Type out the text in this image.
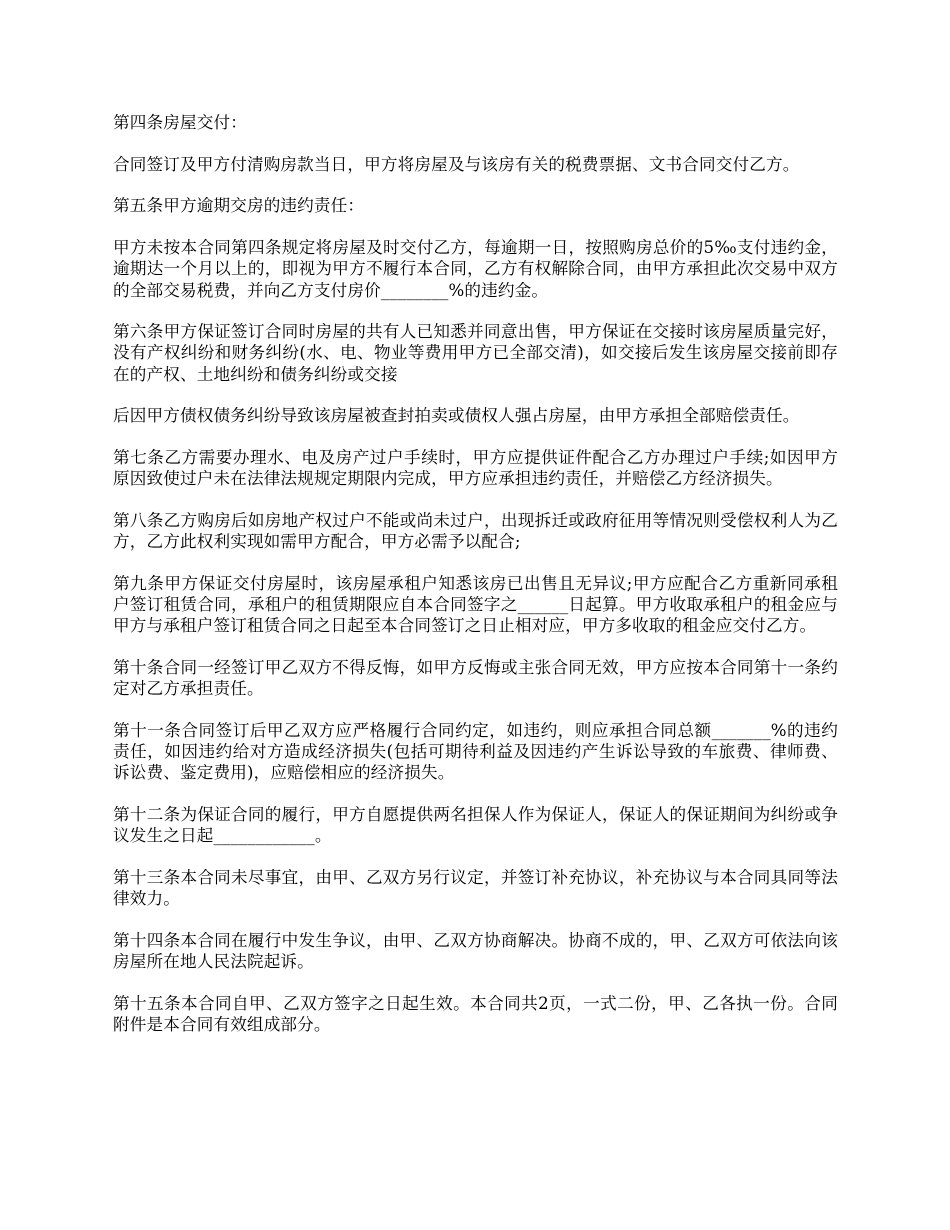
第四条房屋交付：

合同签订及甲方付清购房款当日，甲方将房屋及与该房有关的税费票据、文书合同交付乙方。

第五条甲方逾期交房的违约责任：

甲方未按本合同第四条规定将房屋及时交付乙方，每逾期一日，按照购房总价的5‰支付违约金，逾期达一个月以上的，即视为甲方不履行本合同，乙方有权解除合同，由甲方承担此次交易中双方的全部交易税费，并向乙方支付房价________%的违约金。

第六条甲方保证签订合同时房屋的共有人已知悉并同意出售，甲方保证在交接时该房屋质量完好，没有产权纠纷和财务纠纷(水、电、物业等费用甲方已全部交清)，如交接后发生该房屋交接前即存在的产权、土地纠纷和债务纠纷或交接

后因甲方债权债务纠纷导致该房屋被查封拍卖或债权人强占房屋，由甲方承担全部赔偿责任。

第七条乙方需要办理水、电及房产过户手续时，甲方应提供证件配合乙方办理过户手续;如因甲方原因致使过户未在法律法规规定期限内完成，甲方应承担违约责任，并赔偿乙方经济损失。

第八条乙方购房后如房地产权过户不能或尚未过户，出现拆迁或政府征用等情况则受偿权利人为乙方，乙方此权利实现如需甲方配合，甲方必需予以配合;

第九条甲方保证交付房屋时，该房屋承租户知悉该房已出售且无异议;甲方应配合乙方重新同承租户签订租赁合同，承租户的租赁期限应自本合同签字之______日起算。甲方收取承租户的租金应与甲方与承租户签订租赁合同之日起至本合同签订之日止相对应，甲方多收取的租金应交付乙方。

第十条合同一经签订甲乙双方不得反悔，如甲方反悔或主张合同无效，甲方应按本合同第十一条约定对乙方承担责任。

第十一条合同签订后甲乙双方应严格履行合同约定，如违约，则应承担合同总额_______%的违约责任，如因违约给对方造成经济损失(包括可期待利益及因违约产生诉讼导致的车旅费、律师费、诉讼费、鉴定费用)，应赔偿相应的经济损失。

第十二条为保证合同的履行，甲方自愿提供两名担保人作为保证人，保证人的保证期间为纠纷或争议发生之日起____________。

第十三条本合同未尽事宜，由甲、乙双方另行议定，并签订补充协议，补充协议与本合同具同等法律效力。

第十四条本合同在履行中发生争议，由甲、乙双方协商解决。协商不成的，甲、乙双方可依法向该房屋所在地人民法院起诉。

第十五条本合同自甲、乙双方签字之日起生效。本合同共2页，一式二份，甲、乙各执一份。合同附件是本合同有效组成部分。
